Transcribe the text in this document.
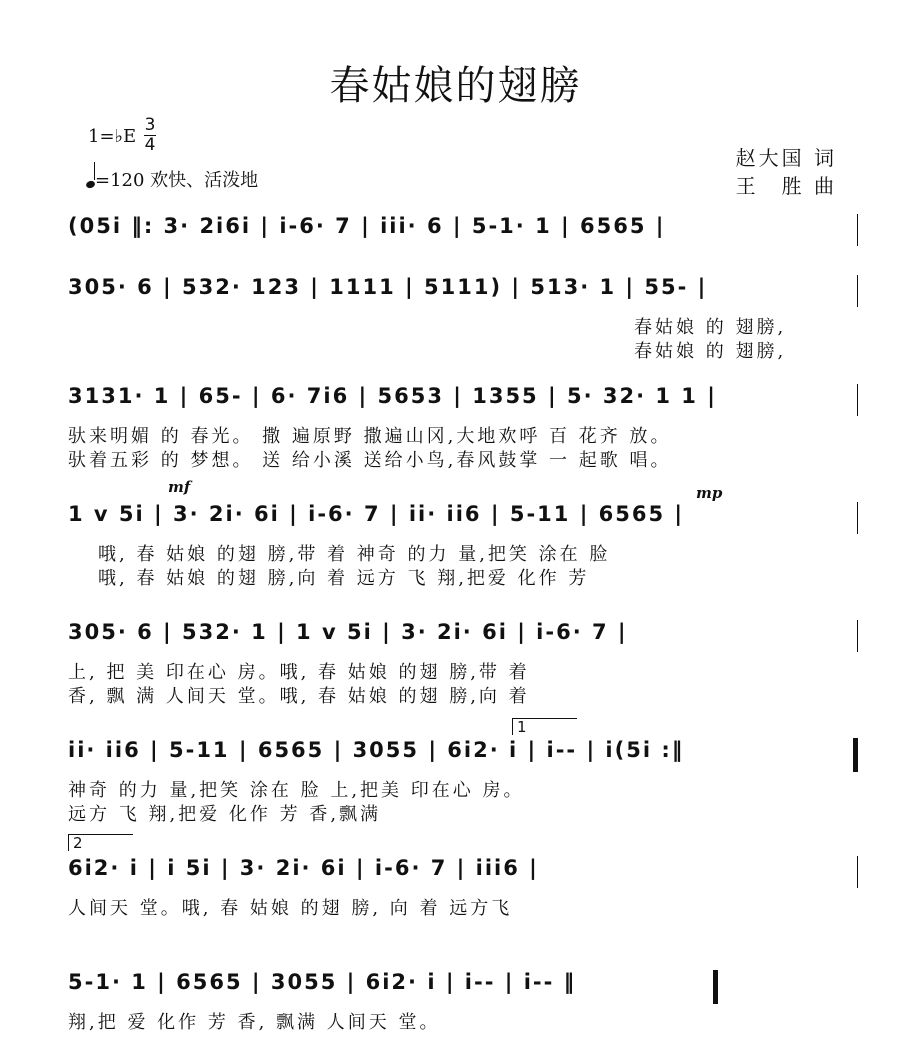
春姑娘的翅膀
1=♭E
3
4
=120 欢快、活泼地
赵大国 词
王　胜 曲
(05i ‖: 3· 2i6i | i-6· 7 | iii· 6 | 5-1· 1 | 6565 |
305· 6 | 532· 123 | 1111 | 5111) | 513· 1 | 55- |
春姑娘 的 翅膀,
春姑娘 的 翅膀,
3131· 1 | 65- | 6· 7i6 | 5653 | 1355 | 5· 32· 1 1 |
驮来明媚 的 春光。 撒 遍原野 撒遍山冈,大地欢呼 百 花齐 放。
驮着五彩 的 梦想。 送 给小溪 送给小鸟,春风鼓掌 一 起歌 唱。
mf	mp
1 v 5i | 3· 2i· 6i | i-6· 7 | ii· ii6 | 5-11 | 6565 |
哦, 春 姑娘 的翅 膀,带 着 神奇 的力 量,把笑 涂在 脸
哦, 春 姑娘 的翅 膀,向 着 远方 飞 翔,把爱 化作 芳
305· 6 | 532· 1 | 1 v 5i | 3· 2i· 6i | i-6· 7 |
上, 把 美 印在心 房。哦, 春 姑娘 的翅 膀,带 着
香, 飘 满 人间天 堂。哦, 春 姑娘 的翅 膀,向 着
1
ii· ii6 | 5-11 | 6565 | 3055 | 6i2· i | i-- | i(5i :‖
神奇 的力 量,把笑 涂在 脸 上,把美 印在心 房。
远方 飞 翔,把爱 化作 芳 香,飘满
2
6i2· i | i 5i | 3· 2i· 6i | i-6· 7 | iii6 |
人间天 堂。哦, 春 姑娘 的翅 膀, 向 着 远方飞
5-1· 1 | 6565 | 3055 | 6i2· i | i-- | i-- ‖
翔,把 爱 化作 芳 香, 飘满 人间天 堂。
